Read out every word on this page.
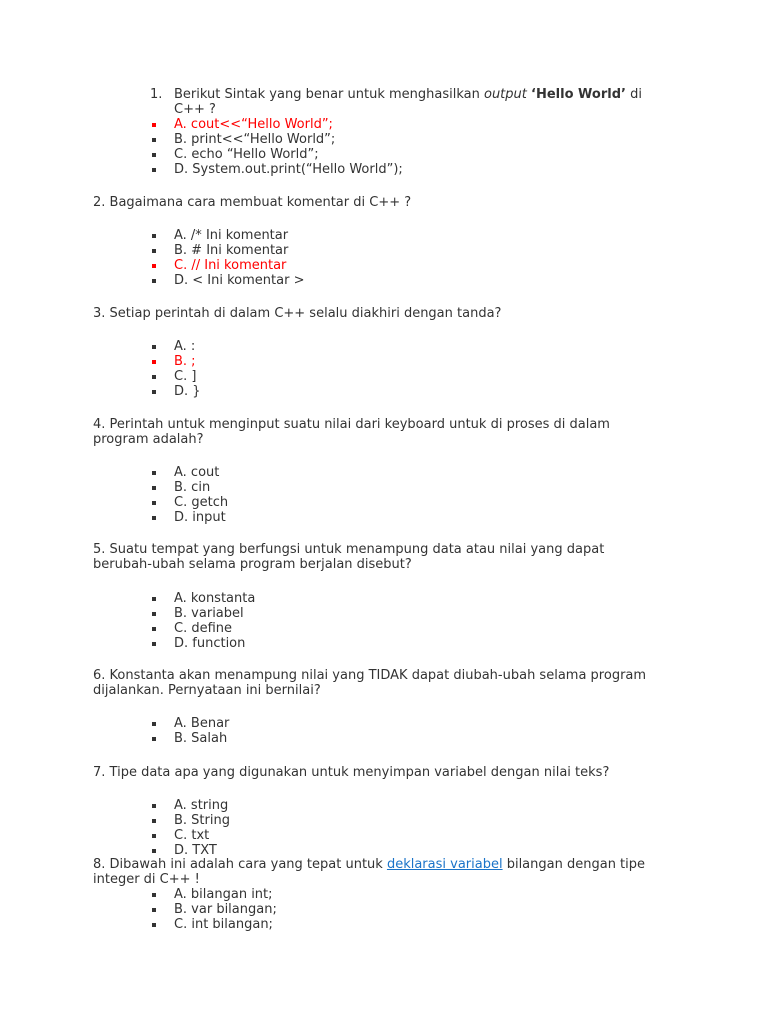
1. Berikut Sintak yang benar untuk menghasilkan output ‘Hello World’ di
C++ ?
A. cout<<“Hello World”;
B. print<<“Hello World”;
C. echo “Hello World”;
D. System.out.print(“Hello World”);
2. Bagaimana cara membuat komentar di C++ ?
A. /* Ini komentar
B. # Ini komentar
C. // Ini komentar
D. < Ini komentar >
3. Setiap perintah di dalam C++ selalu diakhiri dengan tanda?
A. :
B. ;
C. ]
D. }
4. Perintah untuk menginput suatu nilai dari keyboard untuk di proses di dalam
program adalah?
A. cout
B. cin
C. getch
D. input
5. Suatu tempat yang berfungsi untuk menampung data atau nilai yang dapat
berubah-ubah selama program berjalan disebut?
A. konstanta
B. variabel
C. define
D. function
6. Konstanta akan menampung nilai yang TIDAK dapat diubah-ubah selama program
dijalankan. Pernyataan ini bernilai?
A. Benar
B. Salah
7. Tipe data apa yang digunakan untuk menyimpan variabel dengan nilai teks?
A. string
B. String
C. txt
D. TXT
8. Dibawah ini adalah cara yang tepat untuk deklarasi variabel bilangan dengan tipe
integer di C++ !
A. bilangan int;
B. var bilangan;
C. int bilangan;
